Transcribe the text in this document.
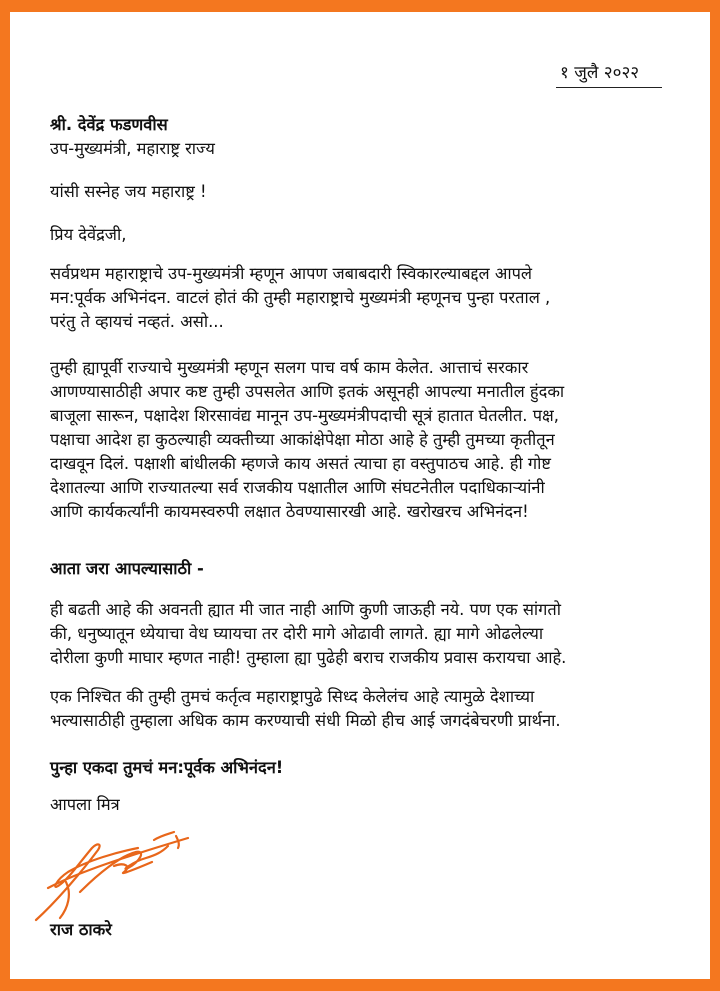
१ जुलै २०२२
श्री. देवेंद्र फडणवीस
उप-मुख्यमंत्री, महाराष्ट्र राज्य
यांसी सस्नेह जय महाराष्ट्र !
प्रिय देवेंद्रजी,
सर्वप्रथम महाराष्ट्राचे उप-मुख्यमंत्री म्हणून आपण जबाबदारी स्विकारल्याबद्दल आपले
मन:पूर्वक अभिनंदन. वाटलं होतं की तुम्ही महाराष्ट्राचे मुख्यमंत्री म्हणूनच पुन्हा परताल ,
परंतु ते व्हायचं नव्हतं. असो...
तुम्ही ह्यापूर्वी राज्याचे मुख्यमंत्री म्हणून सलग पाच वर्ष काम केलेत. आत्ताचं सरकार
आणण्यासाठीही अपार कष्ट तुम्ही उपसलेत आणि इतकं असूनही आपल्या मनातील हुंदका
बाजूला सारून, पक्षादेश शिरसावंद्य मानून उप-मुख्यमंत्रीपदाची सूत्रं हातात घेतलीत. पक्ष,
पक्षाचा आदेश हा कुठल्याही व्यक्तीच्या आकांक्षेपेक्षा मोठा आहे हे तुम्ही तुमच्या कृतीतून
दाखवून दिलं. पक्षाशी बांधीलकी म्हणजे काय असतं त्याचा हा वस्तुपाठच आहे. ही गोष्ट
देशातल्या आणि राज्यातल्या सर्व राजकीय पक्षातील आणि संघटनेतील पदाधिकाऱ्यांनी
आणि कार्यकर्त्यांनी कायमस्वरुपी लक्षात ठेवण्यासारखी आहे. खरोखरच अभिनंदन!
आता जरा आपल्यासाठी -
ही बढती आहे की अवनती ह्यात मी जात नाही आणि कुणी जाऊही नये. पण एक सांगतो
की, धनुष्यातून ध्येयाचा वेध घ्यायचा तर दोरी मागे ओढावी लागते. ह्या मागे ओढलेल्या
दोरीला कुणी माघार म्हणत नाही! तुम्हाला ह्या पुढेही बराच राजकीय प्रवास करायचा आहे.
एक निश्चित की तुम्ही तुमचं कर्तृत्व महाराष्ट्रापुढे सिध्द केलेलंच आहे त्यामुळे देशाच्या
भल्यासाठीही तुम्हाला अधिक काम करण्याची संधी मिळो हीच आई जगदंबेचरणी प्रार्थना.
पुन्हा एकदा तुमचं मन:पूर्वक अभिनंदन!
आपला मित्र
राज ठाकरे
